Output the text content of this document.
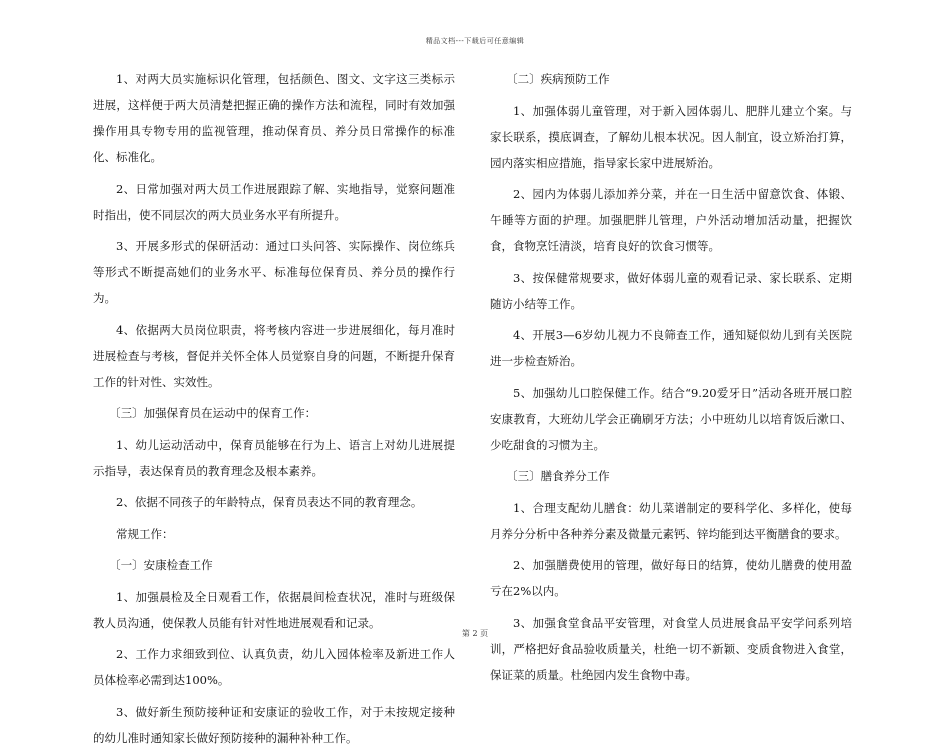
精品文档---下载后可任意编辑

1、对两大员实施标识化管理，包括颜色、图文、文字这三类标示进展，这样便于两大员清楚把握正确的操作方法和流程，同时有效加强操作用具专物专用的监视管理，推动保育员、养分员日常操作的标准化、标准化。

2、日常加强对两大员工作进展跟踪了解、实地指导，觉察问题准时指出，使不同层次的两大员业务水平有所提升。

3、开展多形式的保研活动：通过口头问答、实际操作、岗位练兵等形式不断提高她们的业务水平、标准每位保育员、养分员的操作行为。

4、依据两大员岗位职责，将考核内容进一步进展细化，每月准时进展检查与考核，督促并关怀全体人员觉察自身的问题，不断提升保育工作的针对性、实效性。

〔三〕加强保育员在运动中的保育工作：

1、幼儿运动活动中，保育员能够在行为上、语言上对幼儿进展提示指导，表达保育员的教育理念及根本素养。

2、依据不同孩子的年龄特点，保育员表达不同的教育理念。

常规工作：

〔一〕安康检查工作

1、加强晨检及全日观看工作，依据晨间检查状况，准时与班级保教人员沟通，使保教人员能有针对性地进展观看和记录。

2、工作力求细致到位、认真负责，幼儿入园体检率及新进工作人员体检率必需到达100%。

3、做好新生预防接种证和安康证的验收工作，对于未按规定接种的幼儿准时通知家长做好预防接种的漏种补种工作。

〔二〕疾病预防工作

1、加强体弱儿童管理，对于新入园体弱儿、肥胖儿建立个案。与家长联系，摸底调查，了解幼儿根本状况。因人制宜，设立矫治打算，园内落实相应措施，指导家长家中进展矫治。

2、园内为体弱儿添加养分菜，并在一日生活中留意饮食、体锻、午睡等方面的护理。加强肥胖儿管理，户外活动增加活动量，把握饮食，食物烹饪清淡，培育良好的饮食习惯等。

3、按保健常规要求，做好体弱儿童的观看记录、家长联系、定期随访小结等工作。

4、开展3—6岁幼儿视力不良筛查工作，通知疑似幼儿到有关医院进一步检查矫治。

5、加强幼儿口腔保健工作。结合“9.20爱牙日”活动各班开展口腔安康教育，大班幼儿学会正确刷牙方法；小中班幼儿以培育饭后漱口、少吃甜食的习惯为主。

〔三〕膳食养分工作

1、合理支配幼儿膳食：幼儿菜谱制定的要科学化、多样化，使每月养分分析中各种养分素及微量元素钙、锌均能到达平衡膳食的要求。

2、加强膳费使用的管理，做好每日的结算，使幼儿膳费的使用盈亏在2%以内。

3、加强食堂食品平安管理，对食堂人员进展食品平安学问系列培训，严格把好食品验收质量关，杜绝一切不新颖、变质食物进入食堂，保证菜的质量。杜绝园内发生食物中毒。

第 2 页
